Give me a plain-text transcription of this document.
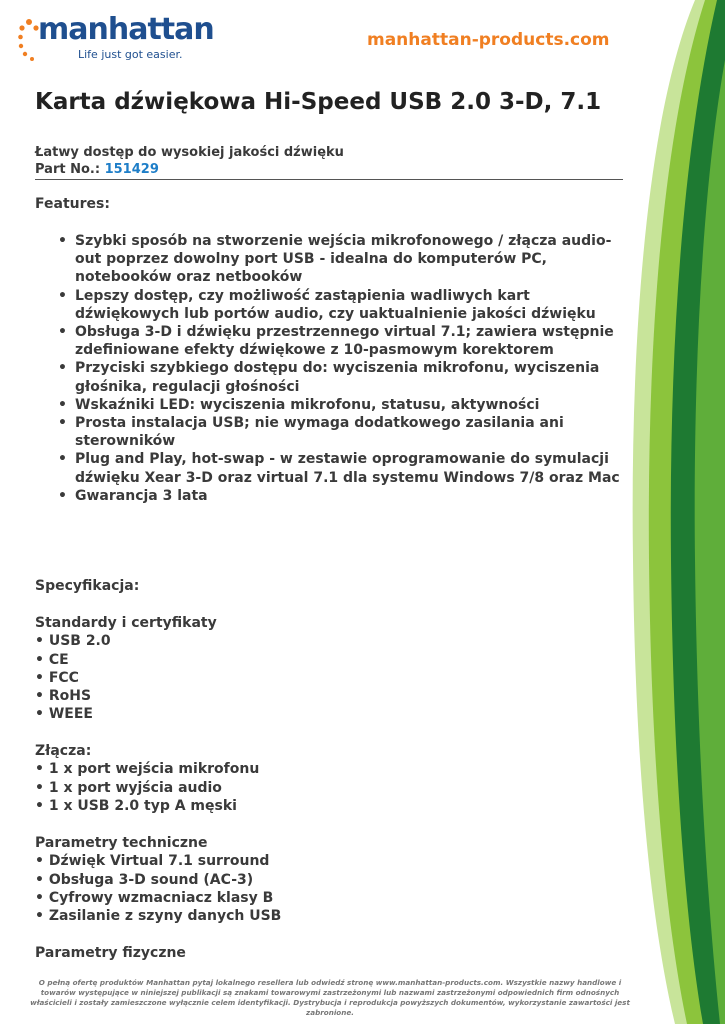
manhattan
Life just got easier.
manhattan-products.com
Karta dźwiękowa Hi-Speed USB 2.0 3-D, 7.1
Łatwy dostęp do wysokiej jakości dźwięku
Part No.: 151429
Features:
• Szybki sposób na stworzenie wejścia mikrofonowego / złącza audio-out poprzez dowolny port USB - idealna do komputerów PC, notebooków oraz netbooków
• Lepszy dostęp, czy możliwość zastąpienia wadliwych kart dźwiękowych lub portów audio, czy uaktualnienie jakości dźwięku
• Obsługa 3-D i dźwięku przestrzennego virtual 7.1; zawiera wstępnie zdefiniowane efekty dźwiękowe z 10-pasmowym korektorem
• Przyciski szybkiego dostępu do: wyciszenia mikrofonu, wyciszenia głośnika, regulacji głośności
• Wskaźniki LED: wyciszenia mikrofonu, statusu, aktywności
• Prosta instalacja USB; nie wymaga dodatkowego zasilania ani sterowników
• Plug and Play, hot-swap - w zestawie oprogramowanie do symulacji dźwięku Xear 3-D oraz virtual 7.1 dla systemu Windows 7/8 oraz Mac
• Gwarancja 3 lata
Specyfikacja:
Standardy i certyfikaty
• USB 2.0
• CE
• FCC
• RoHS
• WEEE
Złącza:
• 1 x port wejścia mikrofonu
• 1 x port wyjścia audio
• 1 x USB 2.0 typ A męski
Parametry techniczne
• Dźwięk Virtual 7.1 surround
• Obsługa 3-D sound (AC-3)
• Cyfrowy wzmacniacz klasy B
• Zasilanie z szyny danych USB
Parametry fizyczne
O pełną ofertę produktów Manhattan pytaj lokalnego resellera lub odwiedź stronę www.manhattan-products.com. Wszystkie nazwy handlowe i towarów występujące w niniejszej publikacji są znakami towarowymi zastrzeżonymi lub nazwami zastrzeżonymi odpowiednich firm odnośnych właścicieli i zostały zamieszczone wyłącznie celem identyfikacji. Dystrybucja i reprodukcja powyższych dokumentów, wykorzystanie zawartości jest zabronione.
